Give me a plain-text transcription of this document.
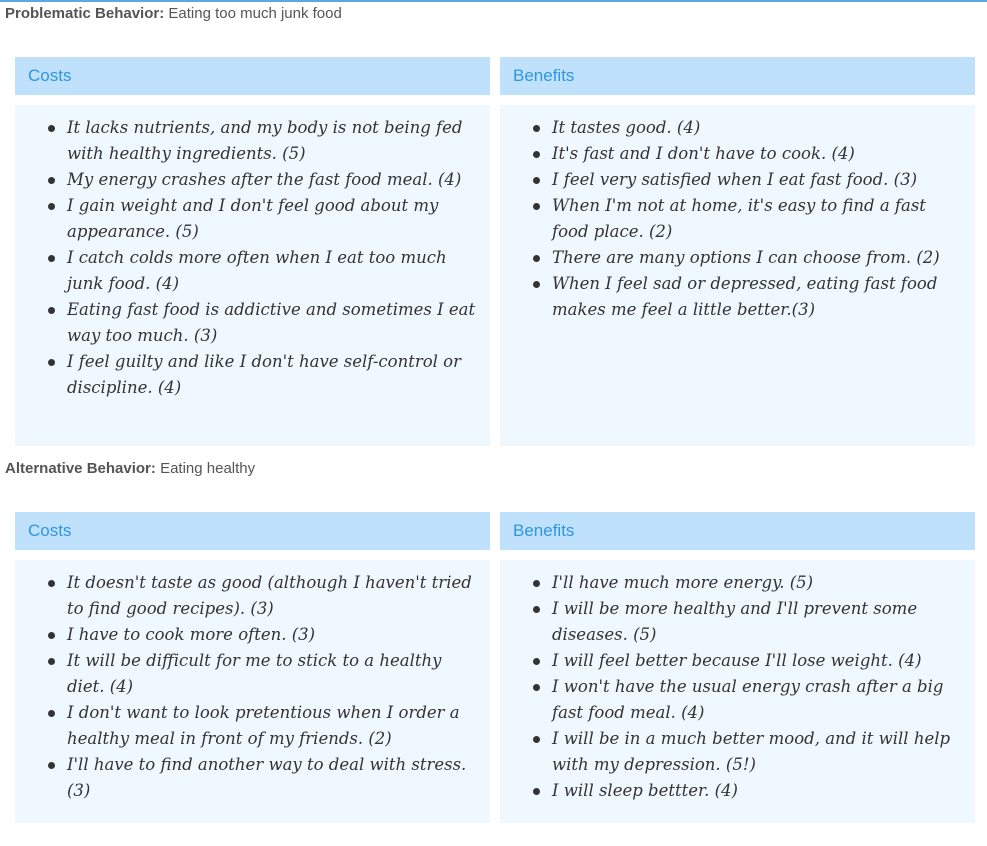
Problematic Behavior: Eating too much junk food
Costs
It lacks nutrients, and my body is not being fed with healthy ingredients. (5)
My energy crashes after the fast food meal. (4)
I gain weight and I don't feel good about my appearance. (5)
I catch colds more often when I eat too much junk food. (4)
Eating fast food is addictive and sometimes I eat way too much. (3)
I feel guilty and like I don't have self-control or discipline. (4)
Benefits
It tastes good. (4)
It's fast and I don't have to cook. (4)
I feel very satisfied when I eat fast food. (3)
When I'm not at home, it's easy to find a fast food place. (2)
There are many options I can choose from. (2)
When I feel sad or depressed, eating fast food makes me feel a little better.(3)
Alternative Behavior: Eating healthy
Costs
It doesn't taste as good (although I haven't tried to find good recipes). (3)
I have to cook more often. (3)
It will be difficult for me to stick to a healthy diet. (4)
I don't want to look pretentious when I order a healthy meal in front of my friends. (2)
I'll have to find another way to deal with stress. (3)
Benefits
I'll have much more energy. (5)
I will be more healthy and I'll prevent some diseases. (5)
I will feel better because I'll lose weight. (4)
I won't have the usual energy crash after a big fast food meal. (4)
I will be in a much better mood, and it will help with my depression. (5!)
I will sleep bettter. (4)
